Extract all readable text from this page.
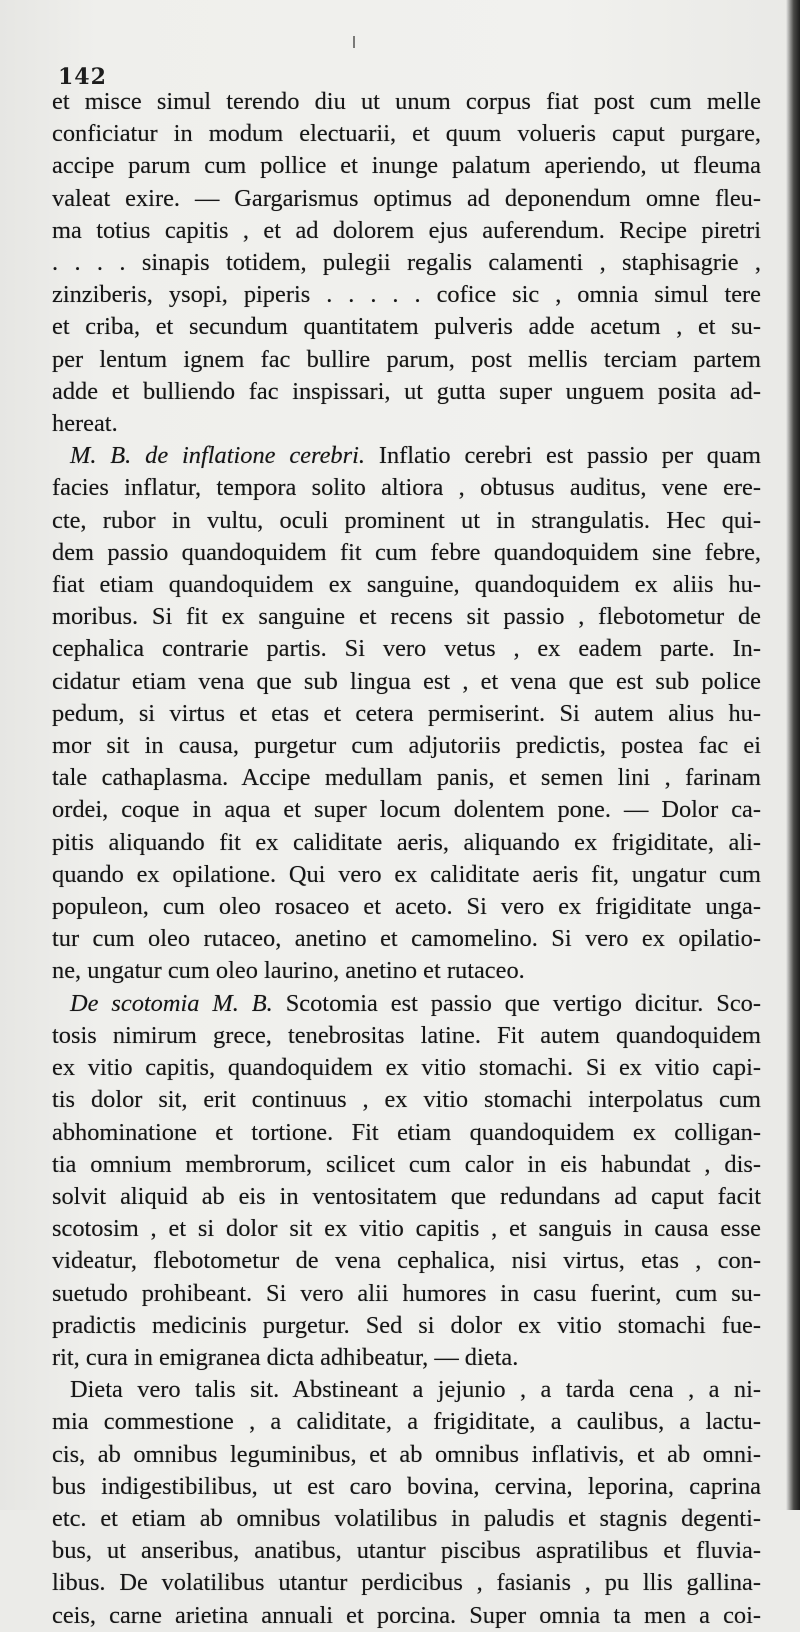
142
et misce simul terendo diu ut unum corpus fiat post cum melle
conficiatur in modum electuarii, et quum volueris caput purgare,
accipe parum cum pollice et inunge palatum aperiendo, ut fleuma
valeat exire. — Gargarismus optimus ad deponendum omne fleu-
ma totius capitis , et ad dolorem ejus auferendum. Recipe piretri
. . . . sinapis totidem, pulegii regalis calamenti , staphisagrie ,
zinziberis, ysopi, piperis . . . . . cofice sic , omnia simul tere
et criba, et secundum quantitatem pulveris adde acetum , et su-
per lentum ignem fac bullire parum, post mellis terciam partem
adde et bulliendo fac inspissari, ut gutta super unguem posita ad-
hereat.
M. B. de inflatione cerebri. Inflatio cerebri est passio per quam
facies inflatur, tempora solito altiora , obtusus auditus, vene ere-
cte, rubor in vultu, oculi prominent ut in strangulatis. Hec qui-
dem passio quandoquidem fit cum febre quandoquidem sine febre,
fiat etiam quandoquidem ex sanguine, quandoquidem ex aliis hu-
moribus. Si fit ex sanguine et recens sit passio , flebotometur de
cephalica contrarie partis. Si vero vetus , ex eadem parte. In-
cidatur etiam vena que sub lingua est , et vena que est sub police
pedum, si virtus et etas et cetera permiserint. Si autem alius hu-
mor sit in causa, purgetur cum adjutoriis predictis, postea fac ei
tale cathaplasma. Accipe medullam panis, et semen lini , farinam
ordei, coque in aqua et super locum dolentem pone. — Dolor ca-
pitis aliquando fit ex caliditate aeris, aliquando ex frigiditate, ali-
quando ex opilatione. Qui vero ex caliditate aeris fit, ungatur cum
populeon, cum oleo rosaceo et aceto. Si vero ex frigiditate unga-
tur cum oleo rutaceo, anetino et camomelino. Si vero ex opilatio-
ne, ungatur cum oleo laurino, anetino et rutaceo.
De scotomia M. B. Scotomia est passio que vertigo dicitur. Sco-
tosis nimirum grece, tenebrositas latine. Fit autem quandoquidem
ex vitio capitis, quandoquidem ex vitio stomachi. Si ex vitio capi-
tis dolor sit, erit continuus , ex vitio stomachi interpolatus cum
abhominatione et tortione. Fit etiam quandoquidem ex colligan-
tia omnium membrorum, scilicet cum calor in eis habundat , dis-
solvit aliquid ab eis in ventositatem que redundans ad caput facit
scotosim , et si dolor sit ex vitio capitis , et sanguis in causa esse
videatur, flebotometur de vena cephalica, nisi virtus, etas , con-
suetudo prohibeant. Si vero alii humores in casu fuerint, cum su-
pradictis medicinis purgetur. Sed si dolor ex vitio stomachi fue-
rit, cura in emigranea dicta adhibeatur, — dieta.
Dieta vero talis sit. Abstineant a jejunio , a tarda cena , a ni-
mia commestione , a caliditate, a frigiditate, a caulibus, a lactu-
cis, ab omnibus leguminibus, et ab omnibus inflativis, et ab omni-
bus indigestibilibus, ut est caro bovina, cervina, leporina, caprina
etc. et etiam ab omnibus volatilibus in paludis et stagnis degenti-
bus, ut anseribus, anatibus, utantur piscibus aspratilibus et fluvia-
libus. De volatilibus utantur perdicibus , fasianis , pu llis gallina-
ceis, carne arietina annuali et porcina. Super omnia ta men a coi-
